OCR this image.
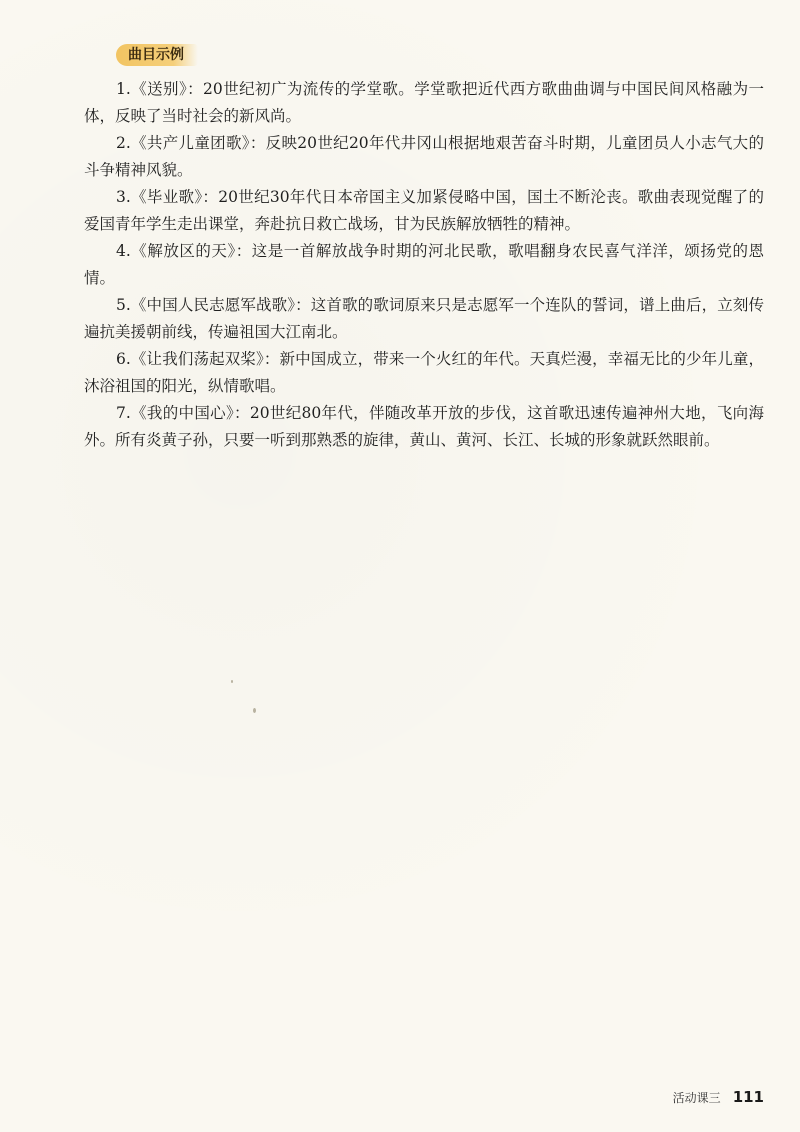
曲目示例

1.《送别》：20世纪初广为流传的学堂歌。学堂歌把近代西方歌曲曲调与中国民间风格融为一体，反映了当时社会的新风尚。

2.《共产儿童团歌》：反映20世纪20年代井冈山根据地艰苦奋斗时期，儿童团员人小志气大的斗争精神风貌。

3.《毕业歌》：20世纪30年代日本帝国主义加紧侵略中国，国土不断沦丧。歌曲表现觉醒了的爱国青年学生走出课堂，奔赴抗日救亡战场，甘为民族解放牺牲的精神。

4.《解放区的天》：这是一首解放战争时期的河北民歌，歌唱翻身农民喜气洋洋，颂扬党的恩情。

5.《中国人民志愿军战歌》：这首歌的歌词原来只是志愿军一个连队的誓词，谱上曲后，立刻传遍抗美援朝前线，传遍祖国大江南北。

6.《让我们荡起双桨》：新中国成立，带来一个火红的年代。天真烂漫，幸福无比的少年儿童，沐浴祖国的阳光，纵情歌唱。

7.《我的中国心》：20世纪80年代，伴随改革开放的步伐，这首歌迅速传遍神州大地，飞向海外。所有炎黄子孙，只要一听到那熟悉的旋律，黄山、黄河、长江、长城的形象就跃然眼前。

活动课三 111
